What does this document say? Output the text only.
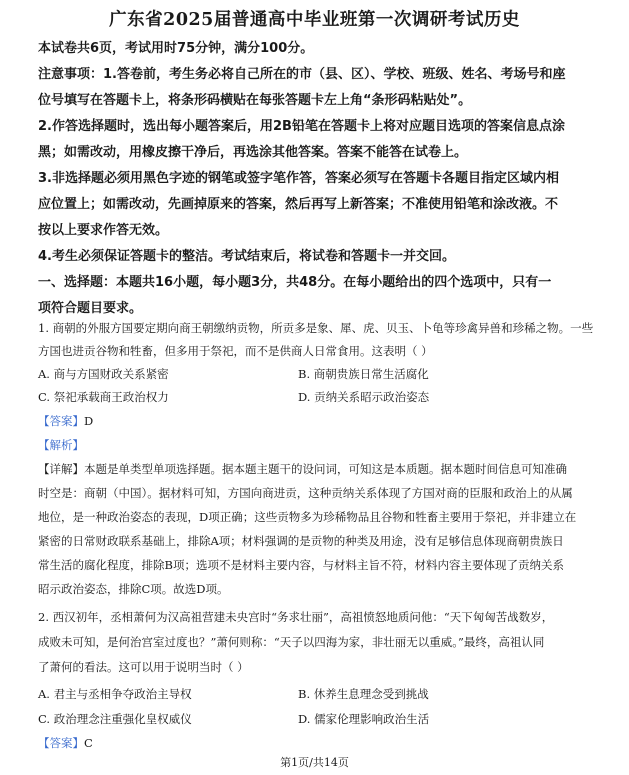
广东省2025届普通高中毕业班第一次调研考试历史
本试卷共6页，考试用时75分钟，满分100分。
注意事项：1.答卷前，考生务必将自己所在的市（县、区）、学校、班级、姓名、考场号和座
位号填写在答题卡上，将条形码横贴在每张答题卡左上角“条形码粘贴处”。
2.作答选择题时，选出每小题答案后，用2B铅笔在答题卡上将对应题目选项的答案信息点涂
黑；如需改动，用橡皮擦干净后，再选涂其他答案。答案不能答在试卷上。
3.非选择题必须用黑色字迹的钢笔或签字笔作答，答案必须写在答题卡各题目指定区域内相
应位置上；如需改动，先画掉原来的答案，然后再写上新答案；不准使用铅笔和涂改液。不
按以上要求作答无效。
4.考生必须保证答题卡的整洁。考试结束后，将试卷和答题卡一并交回。
一、选择题：本题共16小题，每小题3分，共48分。在每小题给出的四个选项中，只有一
项符合题目要求。
1. 商朝的外服方国要定期向商王朝缴纳贡物，所贡多是象、犀、虎、贝玉、卜龟等珍禽异兽和珍稀之物。一些
方国也进贡谷物和牲畜，但多用于祭祀，而不是供商人日常食用。这表明（ ）
A. 商与方国财政关系紧密	B. 商朝贵族日常生活腐化
C. 祭祀承载商王政治权力	D. 贡纳关系昭示政治姿态
【答案】D
【解析】
【详解】本题是单类型单项选择题。据本题主题干的设问词，可知这是本质题。据本题时间信息可知准确
时空是：商朝（中国）。据材料可知，方国向商进贡，这种贡纳关系体现了方国对商的臣服和政治上的从属
地位，是一种政治姿态的表现，D项正确；这些贡物多为珍稀物品且谷物和牲畜主要用于祭祀，并非建立在
紧密的日常财政联系基础上，排除A项；材料强调的是贡物的种类及用途，没有足够信息体现商朝贵族日
常生活的腐化程度，排除B项；选项不是材料主要内容，与材料主旨不符，材料内容主要体现了贡纳关系
昭示政治姿态，排除C项。故选D项。
2. 西汉初年，丞相萧何为汉高祖营建未央宫时“务求壮丽”，高祖愤怒地质问他：“天下匈匈苦战数岁，
成败未可知，是何治宫室过度也？”萧何则称：“天子以四海为家，非壮丽无以重威。”最终，高祖认同
了萧何的看法。这可以用于说明当时（ ）
A. 君主与丞相争夺政治主导权	B. 休养生息理念受到挑战
C. 政治理念注重强化皇权威仪	D. 儒家伦理影响政治生活
【答案】C
第1页/共14页
